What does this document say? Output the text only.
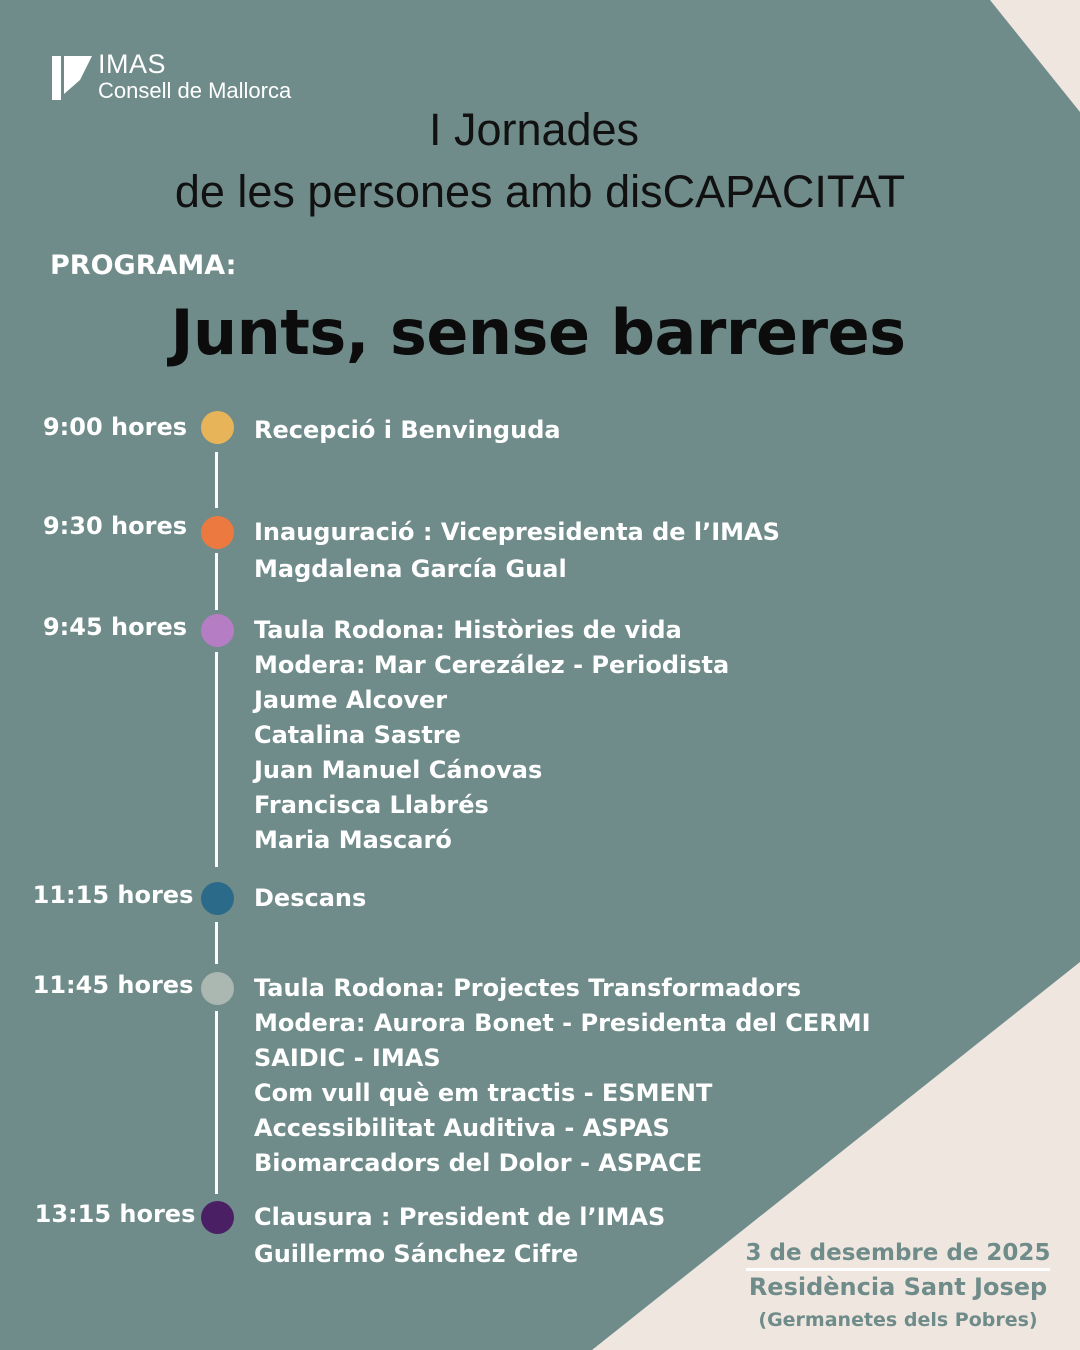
IMAS
Consell de Mallorca
I Jornades
de les persones amb disCAPACITAT
PROGRAMA:
Junts, sense barreres
9:00 hores	Recepció i Benvinguda
9:30 hores	Inauguració : Vicepresidenta de l’IMAS
Magdalena García Gual
9:45 hores	Taula Rodona: Històries de vida
Modera: Mar Cerezález - Periodista
Jaume Alcover
Catalina Sastre
Juan Manuel Cánovas
Francisca Llabrés
Maria Mascaró
11:15 hores	Descans
11:45 hores	Taula Rodona: Projectes Transformadors
Modera: Aurora Bonet - Presidenta del CERMI
SAIDIC - IMAS
Com vull què em tractis - ESMENT
Accessibilitat Auditiva - ASPAS
Biomarcadors del Dolor - ASPACE
13:15 hores	Clausura : President de l’IMAS
Guillermo Sánchez Cifre	3 de desembre de 2025
Residència Sant Josep
(Germanetes dels Pobres)
